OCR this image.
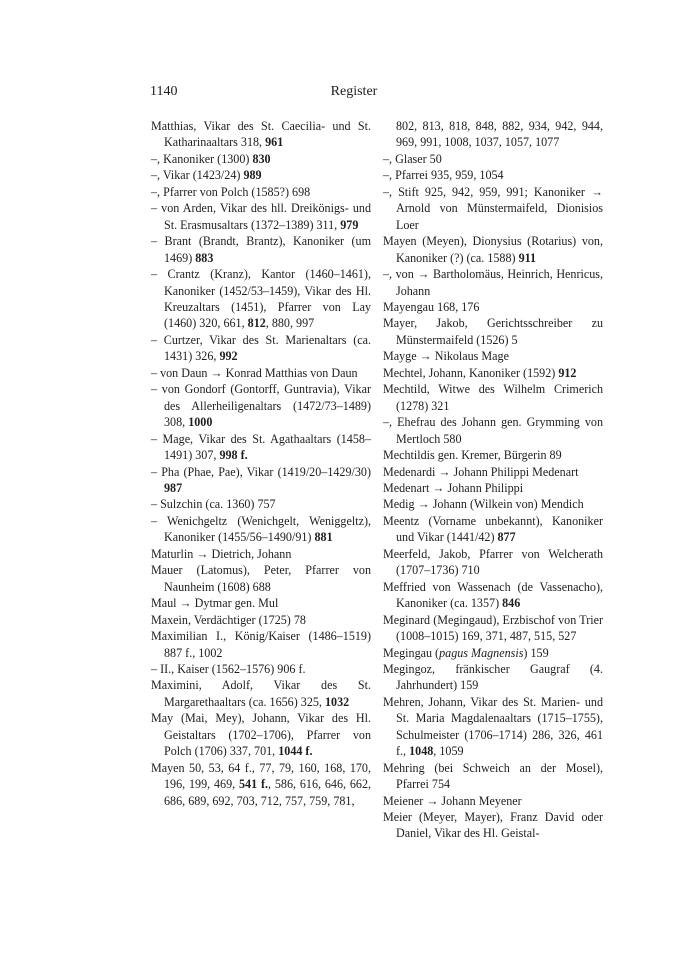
1140	Register

Matthias, Vikar des St. Caecilia- und St. Katharinaaltars 318, 961

–, Kanoniker (1300) 830

–, Vikar (1423/24) 989

–, Pfarrer von Polch (1585?) 698

– von Arden, Vikar des hll. Dreikönigs- und St. Erasmusaltars (1372–1389) 311, 979

– Brant (Brandt, Brantz), Kanoniker (um 1469) 883

– Crantz (Kranz), Kantor (1460–1461), Kanoniker (1452/53–1459), Vikar des Hl. Kreuzaltars (1451), Pfarrer von Lay (1460) 320, 661, 812, 880, 997

– Curtzer, Vikar des St. Marienaltars (ca. 1431) 326, 992

– von Daun → Konrad Matthias von Daun

– von Gondorf (Gontorff, Guntravia), Vikar des Allerheiligenaltars (1472/73–1489) 308, 1000

– Mage, Vikar des St. Agathaaltars (1458–1491) 307, 998 f.

– Pha (Phae, Pae), Vikar (1419/20–1429/30) 987

– Sulzchin (ca. 1360) 757

– Wenichgeltz (Wenichgelt, Weniggeltz), Kanoniker (1455/56–1490/91) 881

Maturlin → Dietrich, Johann

Mauer (Latomus), Peter, Pfarrer von Naunheim (1608) 688

Maul → Dytmar gen. Mul

Maxein, Verdächtiger (1725) 78

Maximilian I., König/Kaiser (1486–1519) 887 f., 1002

– II., Kaiser (1562–1576) 906 f.

Maximini, Adolf, Vikar des St. Margarethaaltars (ca. 1656) 325, 1032

May (Mai, Mey), Johann, Vikar des Hl. Geistaltars (1702–1706), Pfarrer von Polch (1706) 337, 701, 1044 f.

Mayen 50, 53, 64 f., 77, 79, 160, 168, 170, 196, 199, 469, 541 f., 586, 616, 646, 662, 686, 689, 692, 703, 712, 757, 759, 781,

802, 813, 818, 848, 882, 934, 942, 944, 969, 991, 1008, 1037, 1057, 1077

–, Glaser 50

–, Pfarrei 935, 959, 1054

–, Stift 925, 942, 959, 991; Kanoniker → Arnold von Münstermaifeld, Dionisios Loer

Mayen (Meyen), Dionysius (Rotarius) von, Kanoniker (?) (ca. 1588) 911

–, von → Bartholomäus, Heinrich, Henricus, Johann

Mayengau 168, 176

Mayer, Jakob, Gerichtsschreiber zu Münstermaifeld (1526) 5

Mayge → Nikolaus Mage

Mechtel, Johann, Kanoniker (1592) 912

Mechtild, Witwe des Wilhelm Crimerich (1278) 321

–, Ehefrau des Johann gen. Grymming von Mertloch 580

Mechtildis gen. Kremer, Bürgerin 89

Medenardi → Johann Philippi Medenart

Medenart → Johann Philippi

Medig → Johann (Wilkein von) Mendich

Meentz (Vorname unbekannt), Kanoniker und Vikar (1441/42) 877

Meerfeld, Jakob, Pfarrer von Welcherath (1707–1736) 710

Meffried von Wassenach (de Vassenacho), Kanoniker (ca. 1357) 846

Meginard (Megingaud), Erzbischof von Trier (1008–1015) 169, 371, 487, 515, 527

Megingau (pagus Magnensis) 159

Megingoz, fränkischer Gaugraf (4. Jahrhundert) 159

Mehren, Johann, Vikar des St. Marien- und St. Maria Magdalenaaltars (1715–1755), Schulmeister (1706–1714) 286, 326, 461 f., 1048, 1059

Mehring (bei Schweich an der Mosel), Pfarrei 754

Meiener → Johann Meyener

Meier (Meyer, Mayer), Franz David oder Daniel, Vikar des Hl. Geistal-
